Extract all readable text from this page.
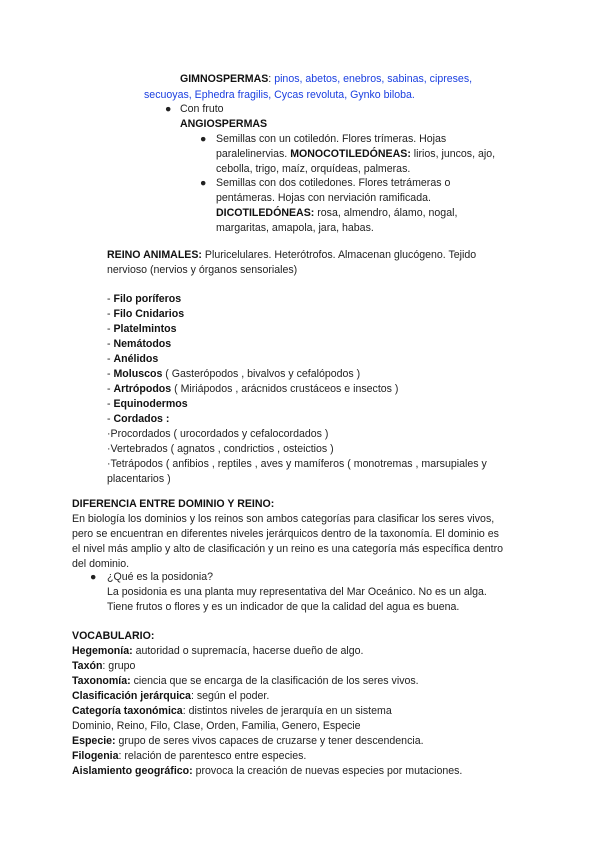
GIMNOSPERMAS: pinos, abetos, enebros, sabinas, cipreses,
secuoyas, Ephedra fragilis, Cycas revoluta, Gynko biloba.
● Con fruto
ANGIOSPERMAS
● Semillas con un cotiledón. Flores trímeras. Hojas
paralelinervias. MONOCOTILEDÓNEAS: lirios, juncos, ajo,
cebolla, trigo, maíz, orquídeas, palmeras.
● Semillas con dos cotiledones. Flores tetrámeras o
pentámeras. Hojas con nerviación ramificada.
DICOTILEDÓNEAS: rosa, almendro, álamo, nogal,
margaritas, amapola, jara, habas.
REINO ANIMALES: Pluricelulares. Heterótrofos. Almacenan glucógeno. Tejido
nervioso (nervios y órganos sensoriales)
- Filo poríferos
- Filo Cnidarios
- Platelmintos
- Nemátodos
- Anélidos
- Moluscos ( Gasterópodos , bivalvos y cefalópodos )
- Artrópodos ( Miriápodos , arácnidos crustáceos e insectos )
- Equinodermos
- Cordados :
·Procordados ( urocordados y cefalocordados )
·Vertebrados ( agnatos , condrictios , osteictios )
·Tetrápodos ( anfibios , reptiles , aves y mamíferos ( monotremas , marsupiales y
placentarios )
DIFERENCIA ENTRE DOMINIO Y REINO:
En biología los dominios y los reinos son ambos categorías para clasificar los seres vivos,
pero se encuentran en diferentes niveles jerárquicos dentro de la taxonomía. El dominio es
el nivel más amplio y alto de clasificación y un reino es una categoría más específica dentro
del dominio.
● ¿Qué es la posidonia?
La posidonia es una planta muy representativa del Mar Oceánico. No es un alga.
Tiene frutos o flores y es un indicador de que la calidad del agua es buena.
VOCABULARIO:
Hegemonía: autoridad o supremacía, hacerse dueño de algo.
Taxón: grupo
Taxonomía: ciencia que se encarga de la clasificación de los seres vivos.
Clasificación jerárquica: según el poder.
Categoría taxonómica: distintos niveles de jerarquía en un sistema
Dominio, Reino, Filo, Clase, Orden, Familia, Genero, Especie
Especie: grupo de seres vivos capaces de cruzarse y tener descendencia.
Filogenia: relación de parentesco entre especies.
Aislamiento geográfico: provoca la creación de nuevas especies por mutaciones.
